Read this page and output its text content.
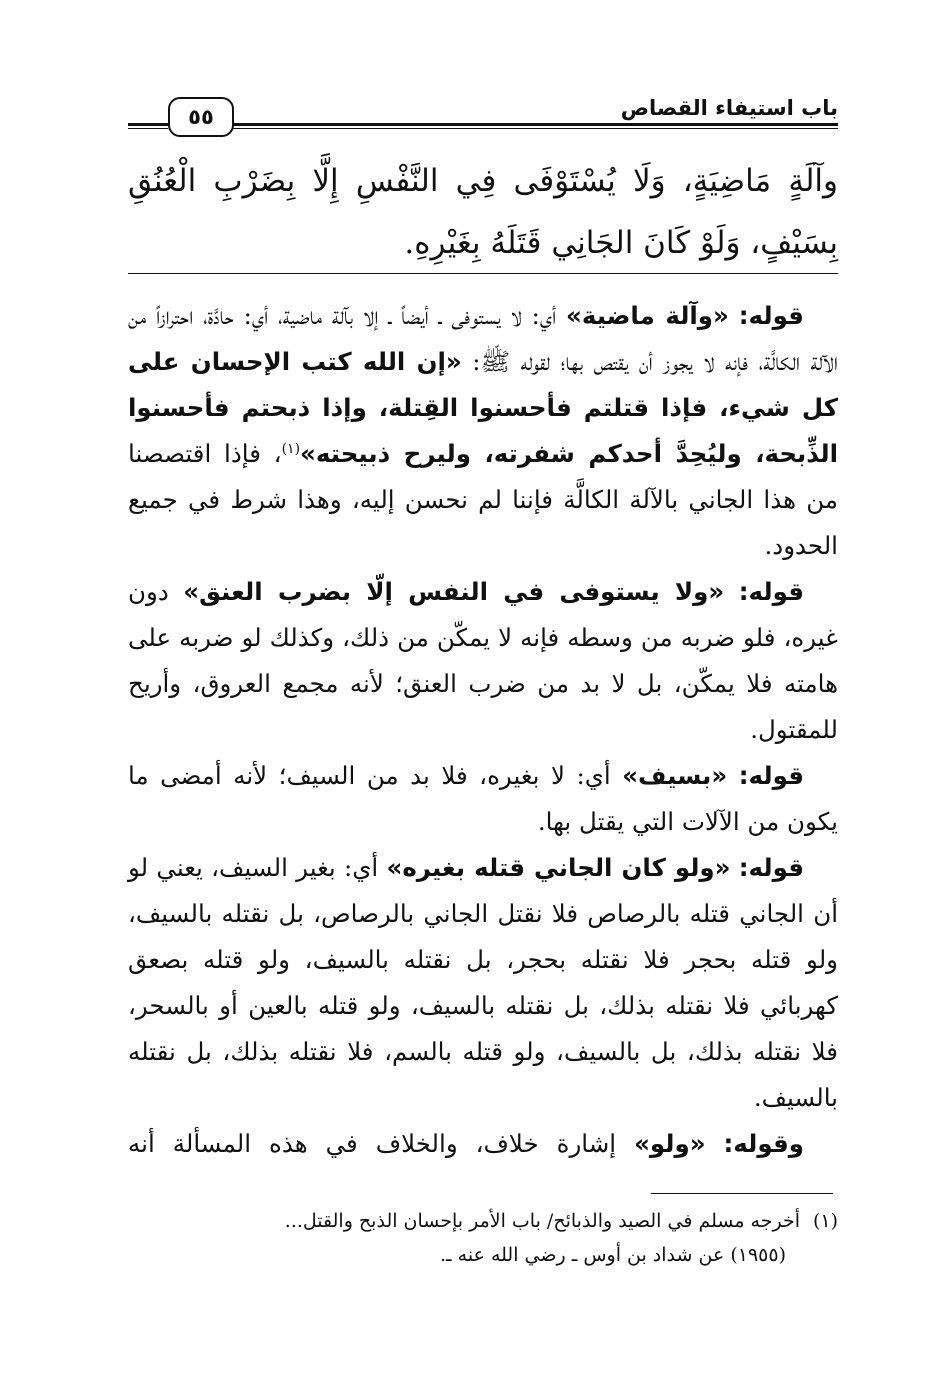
باب استيفاء القصاص
٥٥
وآلَةٍ مَاضِيَةٍ، وَلَا يُسْتَوْفَى فِي النَّفْسِ إِلَّا بِضَرْبِ الْعُنُقِ بِسَيْفٍ، وَلَوْ كَانَ الجَانِي قَتَلَهُ بِغَيْرِهِ.

قوله: «وآلة ماضية» أي: لا يستوفى ـ أيضاً ـ إلا بآلة ماضية، أي: حادَّة، احترازاً من الآلة الكالَّة، فإنه لا يجوز أن يقتص بها؛ لقوله ﷺ: «إن الله كتب الإحسان على كل شيء، فإذا قتلتم فأحسنوا القِتلة، وإذا ذبحتم فأحسنوا الذِّبحة، وليُحِدَّ أحدكم شفرته، وليرح ذبيحته»$^{(١)}$، فإذا اقتصصنا من هذا الجاني بالآلة الكالَّة فإننا لم نحسن إليه، وهذا شرط في جميع الحدود.

قوله: «ولا يستوفى في النفس إلّا بضرب العنق» دون غيره، فلو ضربه من وسطه فإنه لا يمكّن من ذلك، وكذلك لو ضربه على هامته فلا يمكّن، بل لا بد من ضرب العنق؛ لأنه مجمع العروق، وأريح للمقتول.

قوله: «بسيف» أي: لا بغيره، فلا بد من السيف؛ لأنه أمضى ما يكون من الآلات التي يقتل بها.

قوله: «ولو كان الجاني قتله بغيره» أي: بغير السيف، يعني لو أن الجاني قتله بالرصاص فلا نقتل الجاني بالرصاص، بل نقتله بالسيف، ولو قتله بحجر فلا نقتله بحجر، بل نقتله بالسيف، ولو قتله بصعق كهربائي فلا نقتله بذلك، بل نقتله بالسيف، ولو قتله بالعين أو بالسحر، فلا نقتله بذلك، بل بالسيف، ولو قتله بالسم، فلا نقتله بذلك، بل نقتله بالسيف.

وقوله: «ولو» إشارة خلاف، والخلاف في هذه المسألة أنه

(١)أخرجه مسلم في الصيد والذبائح/ باب الأمر بإحسان الذبح والقتل...

(١٩٥٥) عن شداد بن أوس ـ رضي الله عنه ـ.
